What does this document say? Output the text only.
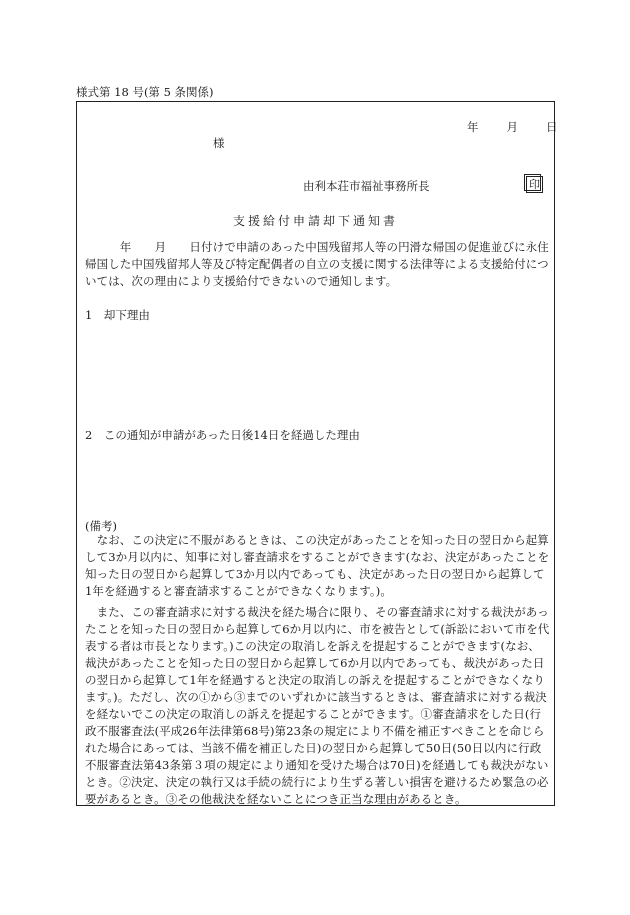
様式第 18 号(第 5 条関係)
年 月 日
様
由利本荘市福祉事務所長	印
支援給付申請却下通知書
　　　年　　月　　日付けで申請のあった中国残留邦人等の円滑な帰国の促進並びに永住帰国した中国残留邦人等及び特定配偶者の自立の支援に関する法律等による支援給付については、次の理由により支援給付できないので通知します。
1　却下理由
2　この通知が申請があった日後14日を経過した理由
(備考)
　なお、この決定に不服があるときは、この決定があったことを知った日の翌日から起算して3か月以内に、知事に対し審査請求をすることができます(なお、決定があったことを知った日の翌日から起算して3か月以内であっても、決定があった日の翌日から起算して1年を経過すると審査請求することができなくなります。)。
　また、この審査請求に対する裁決を経た場合に限り、その審査請求に対する裁決があったことを知った日の翌日から起算して6か月以内に、市を被告として(訴訟において市を代表する者は市長となります。)この決定の取消しを訴えを提起することができます(なお、裁決があったことを知った日の翌日から起算して6か月以内であっても、裁決があった日の翌日から起算して1年を経過すると決定の取消しの訴えを提起することができなくなります。)。ただし、次の①から③までのいずれかに該当するときは、審査請求に対する裁決を経ないでこの決定の取消しの訴えを提起することができます。①審査請求をした日(行政不服審査法(平成26年法律第68号)第23条の規定により不備を補正すべきことを命じられた場合にあっては、当該不備を補正した日)の翌日から起算して50日(50日以内に行政不服審査法第43条第３項の規定により通知を受けた場合は70日)を経過しても裁決がないとき。②決定、決定の執行又は手続の続行により生ずる著しい損害を避けるため緊急の必要があるとき。③その他裁決を経ないことにつき正当な理由があるとき。
